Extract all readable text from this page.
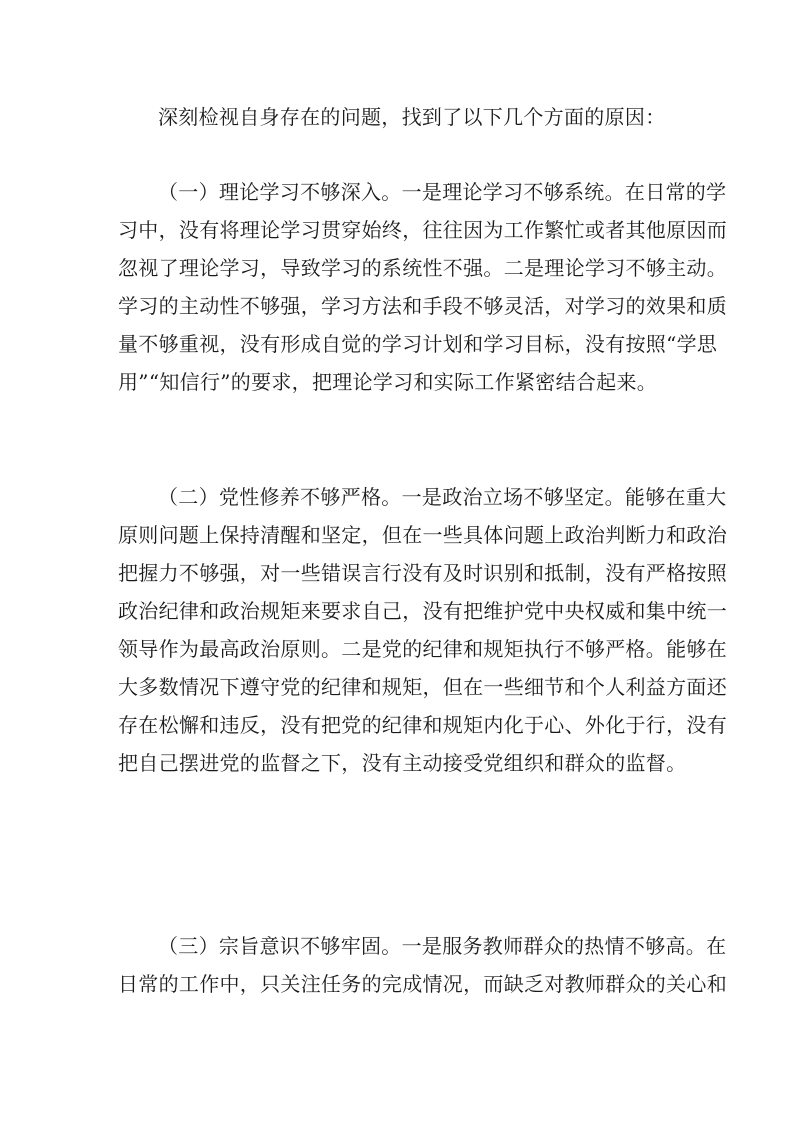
深刻检视自身存在的问题，找到了以下几个方面的原因：
（一）理论学习不够深入。一是理论学习不够系统。在日常的学
习中，没有将理论学习贯穿始终，往往因为工作繁忙或者其他原因而
忽视了理论学习，导致学习的系统性不强。二是理论学习不够主动。
学习的主动性不够强，学习方法和手段不够灵活，对学习的效果和质
量不够重视，没有形成自觉的学习计划和学习目标，没有按照“学思
用”“知信行”的要求，把理论学习和实际工作紧密结合起来。
（二）党性修养不够严格。一是政治立场不够坚定。能够在重大
原则问题上保持清醒和坚定，但在一些具体问题上政治判断力和政治
把握力不够强，对一些错误言行没有及时识别和抵制，没有严格按照
政治纪律和政治规矩来要求自己，没有把维护党中央权威和集中统一
领导作为最高政治原则。二是党的纪律和规矩执行不够严格。能够在
大多数情况下遵守党的纪律和规矩，但在一些细节和个人利益方面还
存在松懈和违反，没有把党的纪律和规矩内化于心、外化于行，没有
把自己摆进党的监督之下，没有主动接受党组织和群众的监督。
（三）宗旨意识不够牢固。一是服务教师群众的热情不够高。在
日常的工作中，只关注任务的完成情况，而缺乏对教师群众的关心和
